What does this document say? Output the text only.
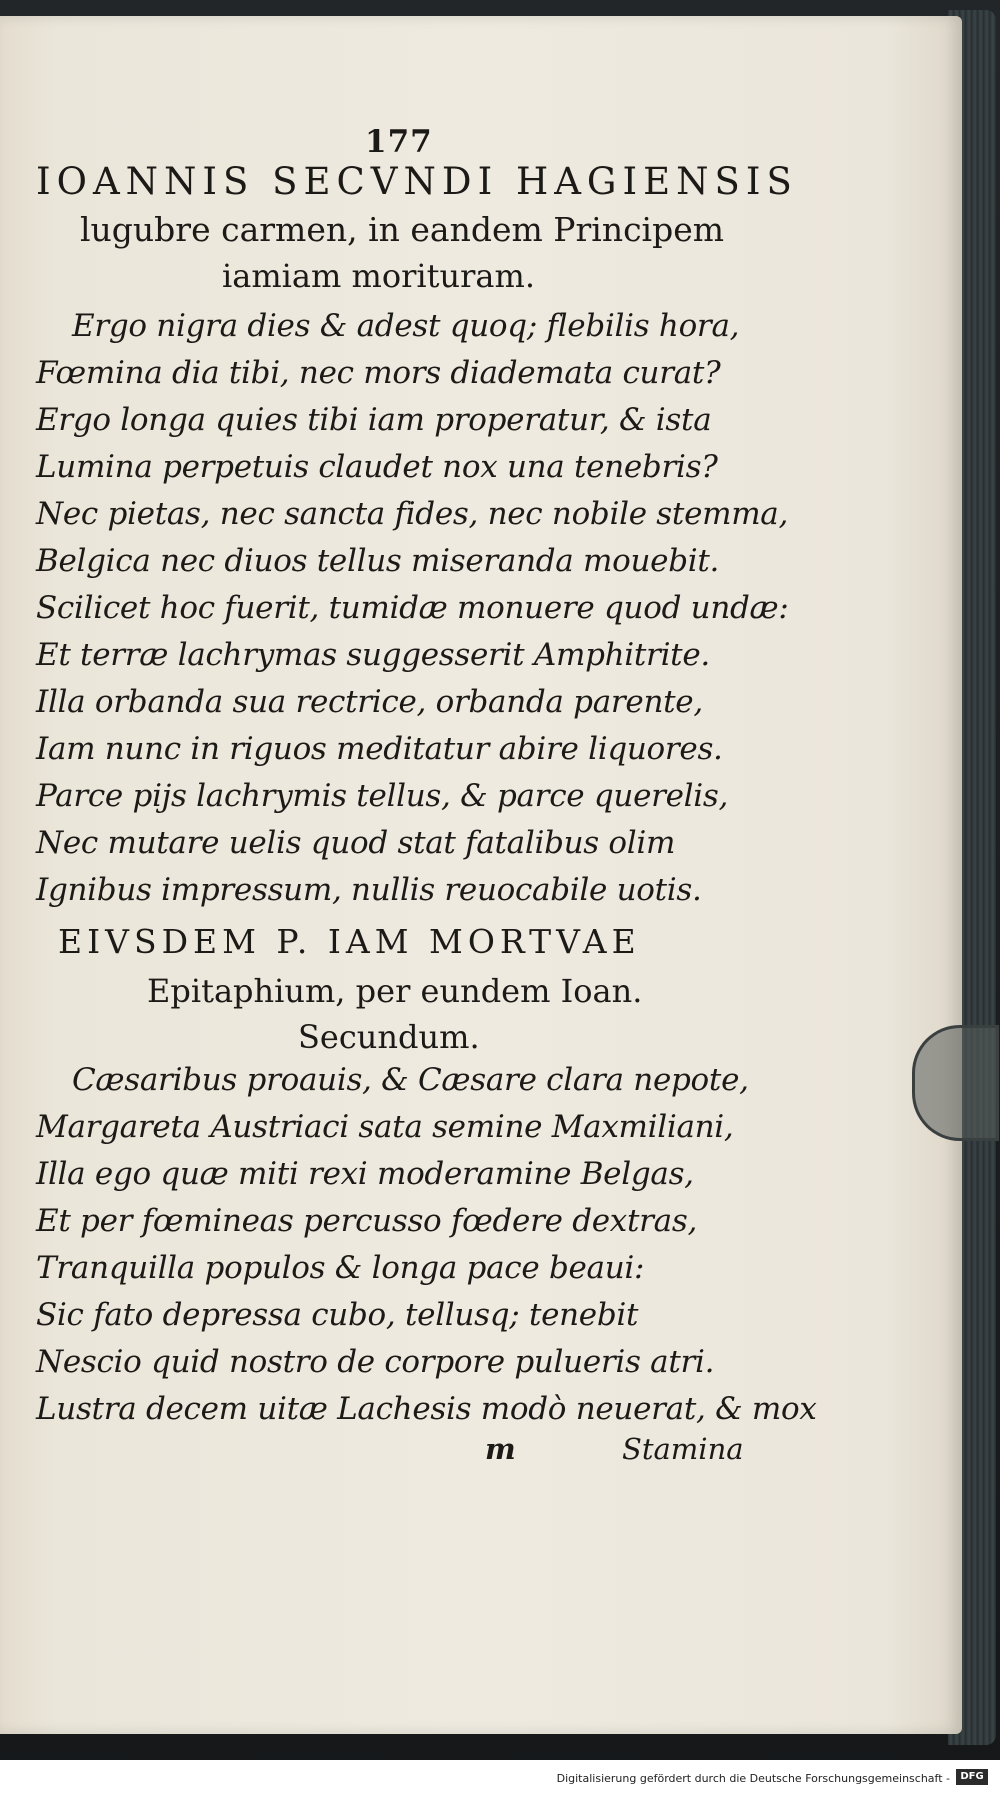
177
IOANNIS SECVNDI HAGIENSIS
lugubre carmen, in eandem Principem
iamiam morituram.
Ergo nigra dies & adest quoq; flebilis hora,
Fœmina dia tibi, nec mors diademata curat?
Ergo longa quies tibi iam properatur, & ista
Lumina perpetuis claudet nox una tenebris?
Nec pietas, nec sancta fides, nec nobile stemma,
Belgica nec diuos tellus miseranda mouebit.
Scilicet hoc fuerit, tumidæ monuere quod undæ:
Et terræ lachrymas suggesserit Amphitrite.
Illa orbanda sua rectrice, orbanda parente,
Iam nunc in riguos meditatur abire liquores.
Parce pijs lachrymis tellus, & parce querelis,
Nec mutare uelis quod stat fatalibus olim
Ignibus impressum, nullis reuocabile uotis.
EIVSDEM P. IAM MORTVAE
Epitaphium, per eundem Ioan.
Secundum.
Cæsaribus proauis, & Cæsare clara nepote,
Margareta Austriaci sata semine Maxmiliani,
Illa ego quæ miti rexi moderamine Belgas,
Et per fœmineas percusso fœdere dextras,
Tranquilla populos & longa pace beaui:
Sic fato depressa cubo, tellusq; tenebit
Nescio quid nostro de corpore pulueris atri.
Lustra decem uitæ Lachesis modò neuerat, & mox
m	Stamina
Digitalisierung gefördert durch die Deutsche Forschungsgemeinschaft -	DFG
